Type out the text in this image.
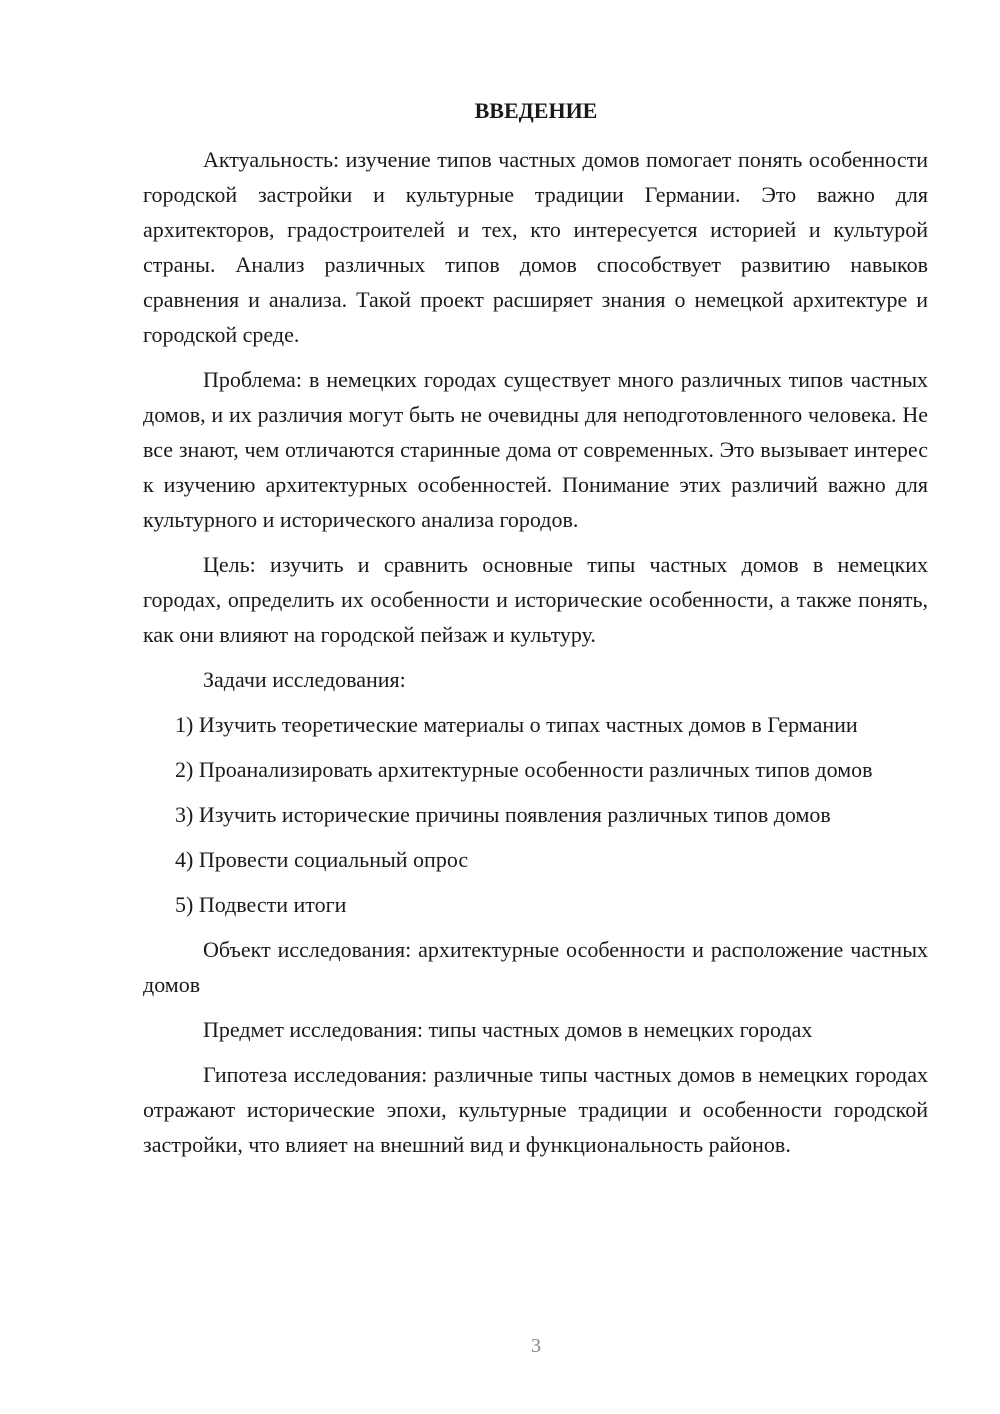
ВВЕДЕНИЕ

Актуальность: изучение типов частных домов помогает понять особенности городской застройки и культурные традиции Германии. Это важно для архитекторов, градостроителей и тех, кто интересуется историей и культурой страны. Анализ различных типов домов способствует развитию навыков сравнения и анализа. Такой проект расширяет знания о немецкой архитектуре и городской среде.

Проблема: в немецких городах существует много различных типов частных домов, и их различия могут быть не очевидны для неподготовленного человека. Не все знают, чем отличаются старинные дома от современных. Это вызывает интерес к изучению архитектурных особенностей. Понимание этих различий важно для культурного и исторического анализа городов.

Цель: изучить и сравнить основные типы частных домов в немецких городах, определить их особенности и исторические особенности, а также понять, как они влияют на городской пейзаж и культуру.

Задачи исследования:

1) Изучить теоретические материалы о типах частных домов в Германии

2) Проанализировать архитектурные особенности различных типов домов

3) Изучить исторические причины появления различных типов домов

4) Провести социальный опрос

5) Подвести итоги

Объект исследования: архитектурные особенности и расположение частных домов

Предмет исследования: типы частных домов в немецких городах

Гипотеза исследования: различные типы частных домов в немецких городах отражают исторические эпохи, культурные традиции и особенности городской застройки, что влияет на внешний вид и функциональность районов.

3
